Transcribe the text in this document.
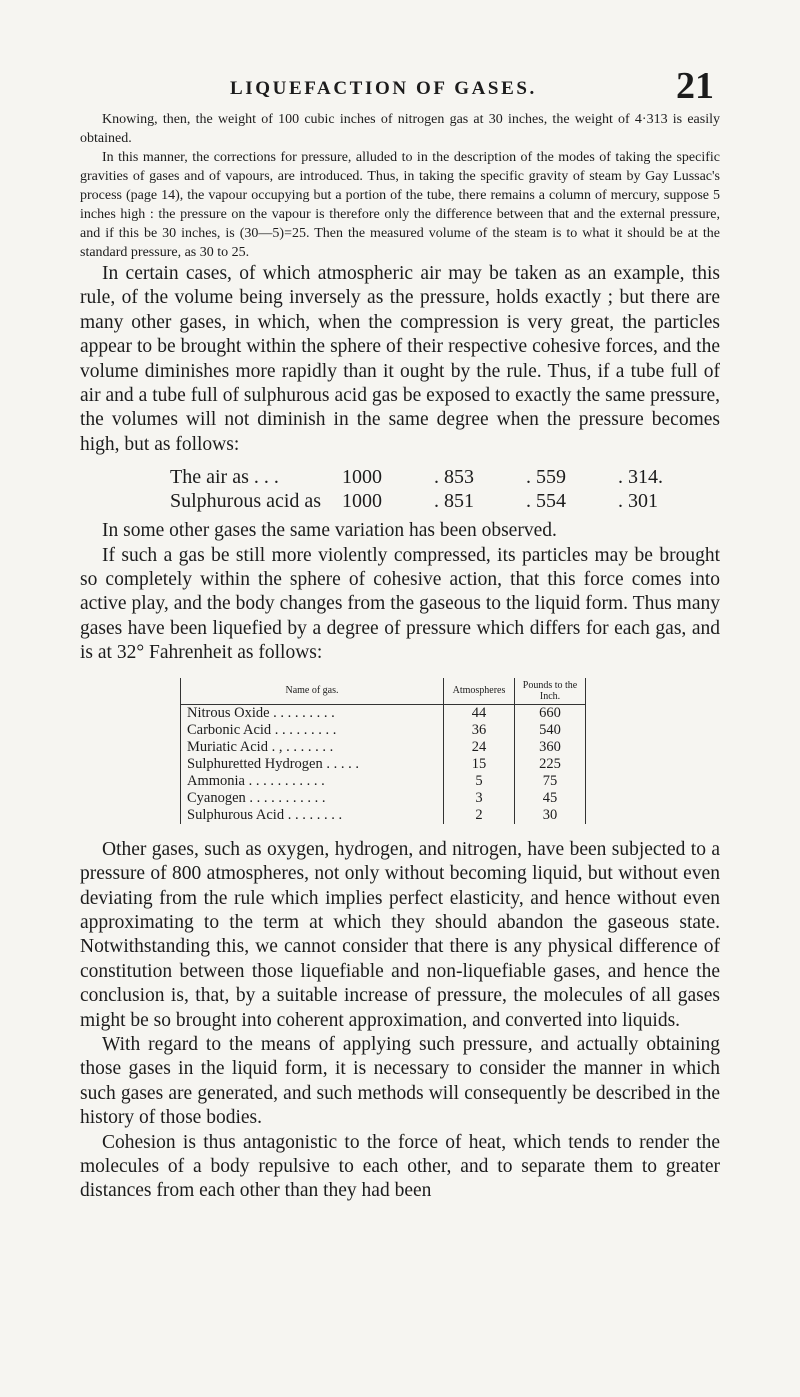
LIQUEFACTION OF GASES.	21

Knowing, then, the weight of 100 cubic inches of nitrogen gas at 30 inches, the weight of 4·313 is easily obtained.

In this manner, the corrections for pressure, alluded to in the description of the modes of taking the specific gravities of gases and of vapours, are introduced. Thus, in taking the specific gravity of steam by Gay Lussac's process (page 14), the vapour occupying but a portion of the tube, there remains a column of mercury, suppose 5 inches high : the pressure on the vapour is therefore only the difference between that and the external pressure, and if this be 30 inches, is (30—5)=25. Then the measured volume of the steam is to what it should be at the standard pressure, as 30 to 25.

In certain cases, of which atmospheric air may be taken as an example, this rule, of the volume being inversely as the pressure, holds exactly ; but there are many other gases, in which, when the compression is very great, the particles appear to be brought within the sphere of their respective cohesive forces, and the volume diminishes more rapidly than it ought by the rule. Thus, if a tube full of air and a tube full of sulphurous acid gas be exposed to exactly the same pressure, the volumes will not diminish in the same degree when the pressure becomes high, but as follows:

The air as . . .	1000	. 853	. 559	. 314.
Sulphurous acid as	1000	. 851	. 554	. 301

In some other gases the same variation has been observed.

If such a gas be still more violently compressed, its particles may be brought so completely within the sphere of cohesive action, that this force comes into active play, and the body changes from the gaseous to the liquid form. Thus many gases have been liquefied by a degree of pressure which differs for each gas, and is at 32° Fahrenheit as follows:

Name of gas.	Atmospheres	Pounds to the Inch.
Nitrous Oxide . . . . . . . . .	44	660
Carbonic Acid . . . . . . . . .	36	540
Muriatic Acid . , . . . . . . .	24	360
Sulphuretted Hydrogen . . . . .	15	225
Ammonia . . . . . . . . . . .	5	75
Cyanogen . . . . . . . . . . .	3	45
Sulphurous Acid . . . . . . . .	2	30

Other gases, such as oxygen, hydrogen, and nitrogen, have been subjected to a pressure of 800 atmospheres, not only without becoming liquid, but without even deviating from the rule which implies perfect elasticity, and hence without even approximating to the term at which they should abandon the gaseous state. Notwithstanding this, we cannot consider that there is any physical difference of constitution between those liquefiable and non-liquefiable gases, and hence the conclusion is, that, by a suitable increase of pressure, the molecules of all gases might be so brought into coherent approximation, and converted into liquids.

With regard to the means of applying such pressure, and actually obtaining those gases in the liquid form, it is necessary to consider the manner in which such gases are generated, and such methods will consequently be described in the history of those bodies.

Cohesion is thus antagonistic to the force of heat, which tends to render the molecules of a body repulsive to each other, and to separate them to greater distances from each other than they had been
